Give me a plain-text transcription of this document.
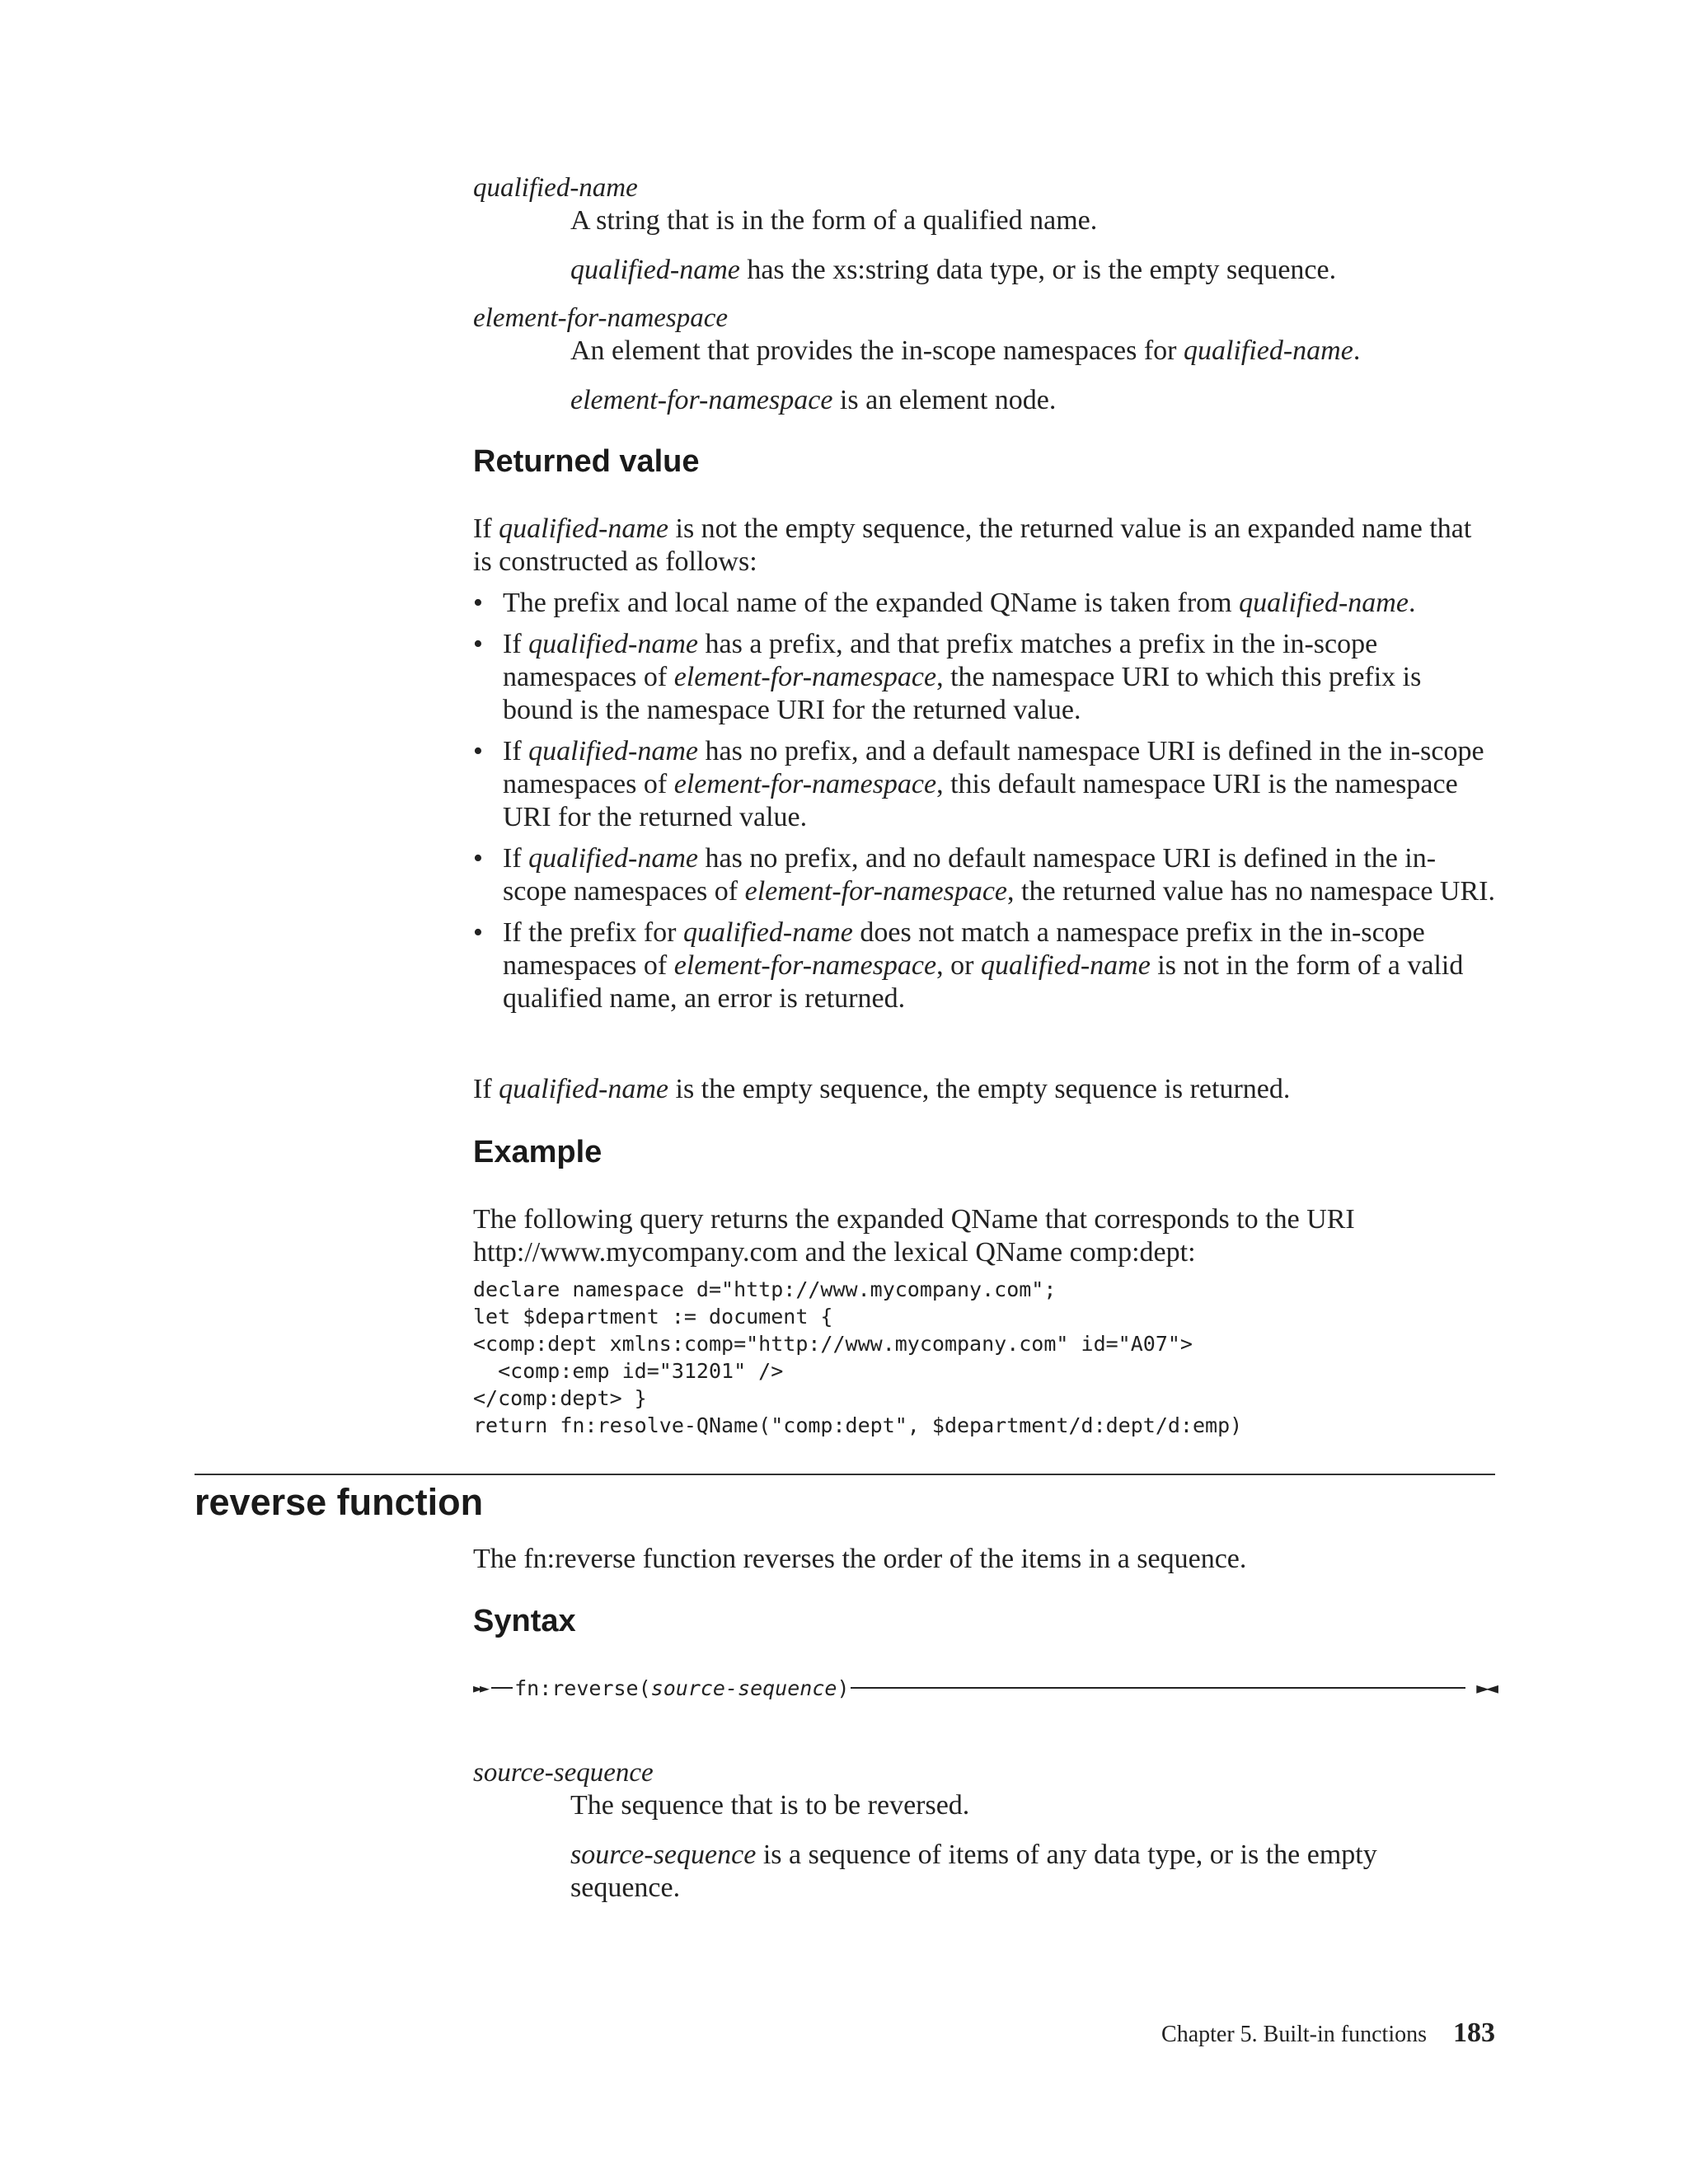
qualified-name
A string that is in the form of a qualified name.
qualified-name has the xs:string data type, or is the empty sequence.
element-for-namespace
An element that provides the in-scope namespaces for qualified-name.
element-for-namespace is an element node.
Returned value
If qualified-name is not the empty sequence, the returned value is an expanded name that is constructed as follows:
• The prefix and local name of the expanded QName is taken from qualified-name.
• If qualified-name has a prefix, and that prefix matches a prefix in the in-scope namespaces of element-for-namespace, the namespace URI to which this prefix is bound is the namespace URI for the returned value.
• If qualified-name has no prefix, and a default namespace URI is defined in the in-scope namespaces of element-for-namespace, this default namespace URI is the namespace URI for the returned value.
• If qualified-name has no prefix, and no default namespace URI is defined in the in-scope namespaces of element-for-namespace, the returned value has no namespace URI.
• If the prefix for qualified-name does not match a namespace prefix in the in-scope namespaces of element-for-namespace, or qualified-name is not in the form of a valid qualified name, an error is returned.
If qualified-name is the empty sequence, the empty sequence is returned.
Example
The following query returns the expanded QName that corresponds to the URI http://www.mycompany.com and the lexical QName comp:dept:
declare namespace d="http://www.mycompany.com";
let $department := document {
<comp:dept xmlns:comp="http://www.mycompany.com" id="A07">
<comp:emp id="31201" />
</comp:dept> }
return fn:resolve-QName("comp:dept", $department/d:dept/d:emp)
reverse function
The fn:reverse function reverses the order of the items in a sequence.
Syntax
►► fn:reverse( source-sequence )	►◄
source-sequence
The sequence that is to be reversed.
source-sequence is a sequence of items of any data type, or is the empty sequence.
Chapter 5. Built-in functions 183
